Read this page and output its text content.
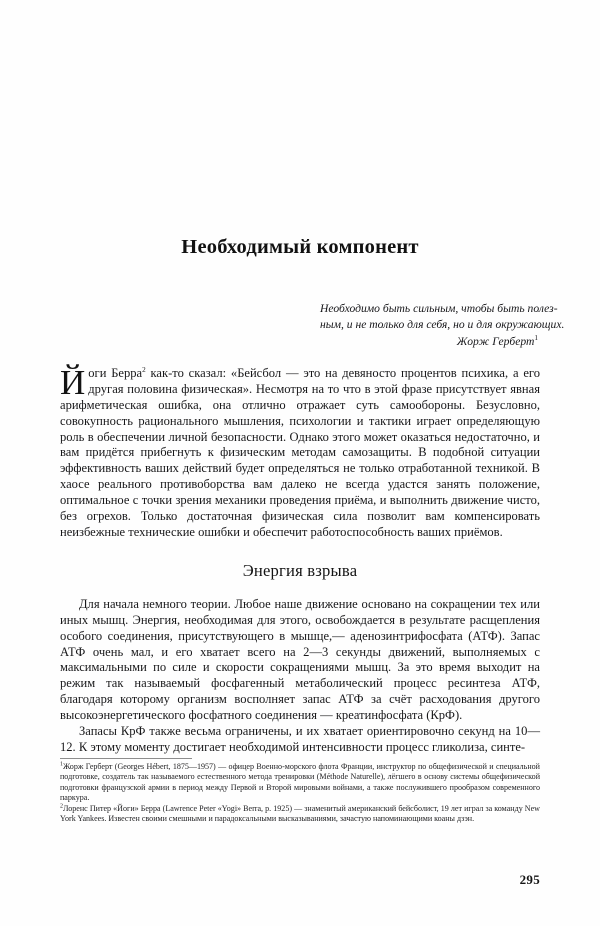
Необходимый компонент
Необходимо быть сильным, чтобы быть полез-
ным, и не только для себя, но и для окружающих.
Жорж Герберт$^1$

Йоги Берра$^2$ как-то сказал: «Бейсбол — это на девяносто процентов психика, а его другая половина физическая». Несмотря на то что в этой фразе присутствует явная арифметическая ошибка, она отлично отражает суть самообороны. Безусловно, совокупность рационального мышления, психологии и тактики играет определяющую роль в обеспечении личной безопасности. Однако этого может оказаться недостаточно, и вам придётся прибегнуть к физическим методам самозащиты. В подобной ситуации эффективность ваших действий будет определяться не только отработанной техникой. В хаосе реального противоборства вам далеко не всегда удастся занять положение, оптимальное с точки зрения механики проведения приёма, и выполнить движение чисто, без огрехов. Только достаточная физическая сила позволит вам компенсировать неизбежные технические ошибки и обеспечит работоспособность ваших приёмов.

Энергия взрыва

Для начала немного теории. Любое наше движение основано на сокращении тех или иных мышц. Энергия, необходимая для этого, освобождается в результате расщепления особого соединения, присутствующего в мышце,— аденозинтрифосфата (АТФ). Запас АТФ очень мал, и его хватает всего на 2—3 секунды движений, выполняемых с максимальными по силе и скорости сокращениями мышц. За это время выходит на режим так называемый фосфагенный метаболический процесс ресинтеза АТФ, благодаря которому организм восполняет запас АТФ за счёт расходования другого высокоэнергетического фосфатного соединения — креатинфосфата (КрФ).

Запасы КрФ также весьма ограничены, и их хватает ориентировочно секунд на 10—12. К этому моменту достигает необходимой интенсивности процесс гликолиза, синте-

$^1$Жорж Герберт (Georges Hébert, 1875—1957) — офицер Военно-морского флота Франции, инструктор по общефизической и специальной подготовке, создатель так называемого естественного метода тренировки (Méthode Naturelle), лёгшего в основу системы общефизической подготовки французской армии в период между Первой и Второй мировыми войнами, а также послужившего прообразом современного паркура.

$^2$Лоренс Питер «Йоги» Берра (Lawrence Peter «Yogi» Berra, p. 1925) — знаменитый американский бейсболист, 19 лет играл за команду New York Yankees. Известен своими смешными и парадоксальными высказываниями, зачастую напоминающими коаны дзэн.

295
